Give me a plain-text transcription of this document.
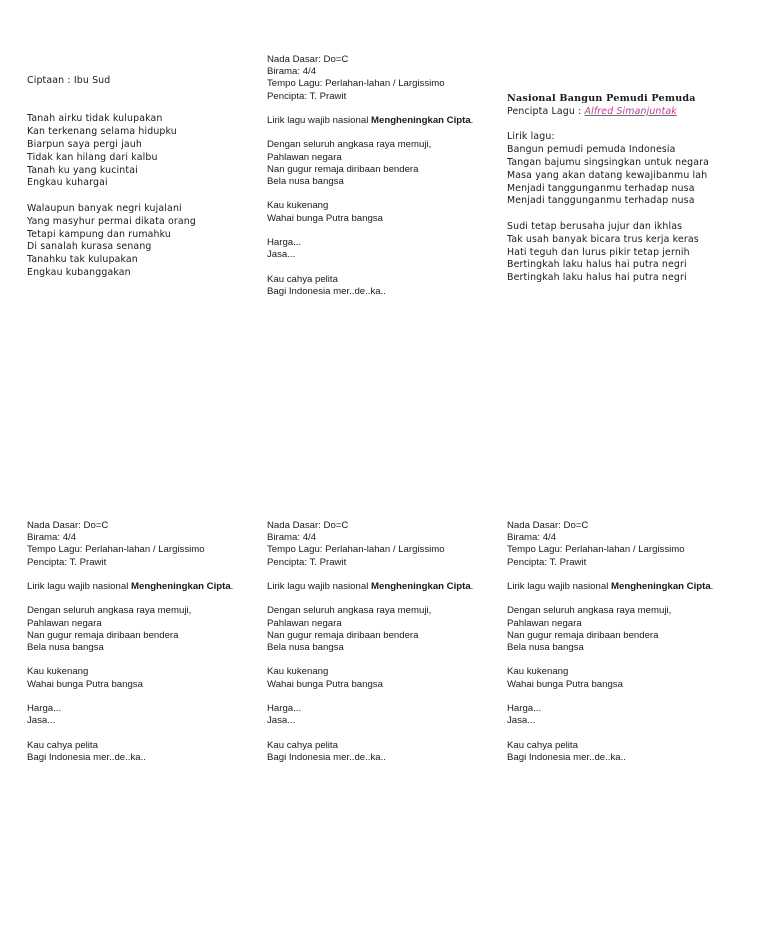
Ciptaan : Ibu Sud
Tanah airku tidak kulupakan
Kan terkenang selama hidupku
Biarpun saya pergi jauh
Tidak kan hilang dari kalbu
Tanah ku yang kucintai
Engkau kuhargai
Walaupun banyak negri kujalani
Yang masyhur permai dikata orang
Tetapi kampung dan rumahku
Di sanalah kurasa senang
Tanahku tak kulupakan
Engkau kubanggakan
Nada Dasar: Do=C
Birama: 4/4
Tempo Lagu: Perlahan-lahan / Largissimo
Pencipta: T. Prawit
Lirik lagu wajib nasional Mengheningkan Cipta.
Dengan seluruh angkasa raya memuji,
Pahlawan negara
Nan gugur remaja diribaan bendera
Bela nusa bangsa
Kau kukenang
Wahai bunga Putra bangsa
Harga...
Jasa...
Kau cahya pelita
Bagi Indonesia mer..de..ka..
Nasional Bangun Pemudi Pemuda
Pencipta Lagu : Alfred Simanjuntak
Lirik lagu:
Bangun pemudi pemuda Indonesia
Tangan bajumu singsingkan untuk negara
Masa yang akan datang kewajibanmu lah
Menjadi tanggunganmu terhadap nusa
Menjadi tanggunganmu terhadap nusa
Sudi tetap berusaha jujur dan ikhlas
Tak usah banyak bicara trus kerja keras
Hati teguh dan lurus pikir tetap jernih
Bertingkah laku halus hai putra negri
Bertingkah laku halus hai putra negri
Nada Dasar: Do=C
Birama: 4/4
Tempo Lagu: Perlahan-lahan / Largissimo
Pencipta: T. Prawit
Lirik lagu wajib nasional Mengheningkan Cipta.
Dengan seluruh angkasa raya memuji,
Pahlawan negara
Nan gugur remaja diribaan bendera
Bela nusa bangsa
Kau kukenang
Wahai bunga Putra bangsa
Harga...
Jasa...
Kau cahya pelita
Bagi Indonesia mer..de..ka..
Nada Dasar: Do=C
Birama: 4/4
Tempo Lagu: Perlahan-lahan / Largissimo
Pencipta: T. Prawit
Lirik lagu wajib nasional Mengheningkan Cipta.
Dengan seluruh angkasa raya memuji,
Pahlawan negara
Nan gugur remaja diribaan bendera
Bela nusa bangsa
Kau kukenang
Wahai bunga Putra bangsa
Harga...
Jasa...
Kau cahya pelita
Bagi Indonesia mer..de..ka..
Nada Dasar: Do=C
Birama: 4/4
Tempo Lagu: Perlahan-lahan / Largissimo
Pencipta: T. Prawit
Lirik lagu wajib nasional Mengheningkan Cipta.
Dengan seluruh angkasa raya memuji,
Pahlawan negara
Nan gugur remaja diribaan bendera
Bela nusa bangsa
Kau kukenang
Wahai bunga Putra bangsa
Harga...
Jasa...
Kau cahya pelita
Bagi Indonesia mer..de..ka..
